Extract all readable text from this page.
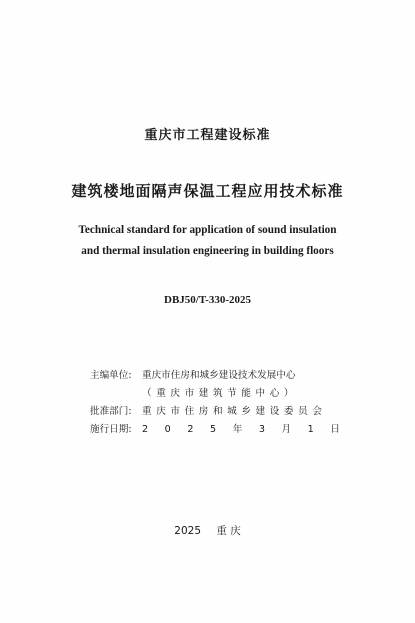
重庆市工程建设标准
建筑楼地面隔声保温工程应用技术标准
Technical standard for application of sound insulation
and thermal insulation engineering in building floors
DBJ50/T-330-2025
主编单位:	重庆市住房和城乡建设技术发展中心
（重庆市建筑节能中心）
批准部门:	重庆市住房和城乡建设委员会
施行日期:	2 0 2 5 年 3 月 1 日
2025 重 庆
